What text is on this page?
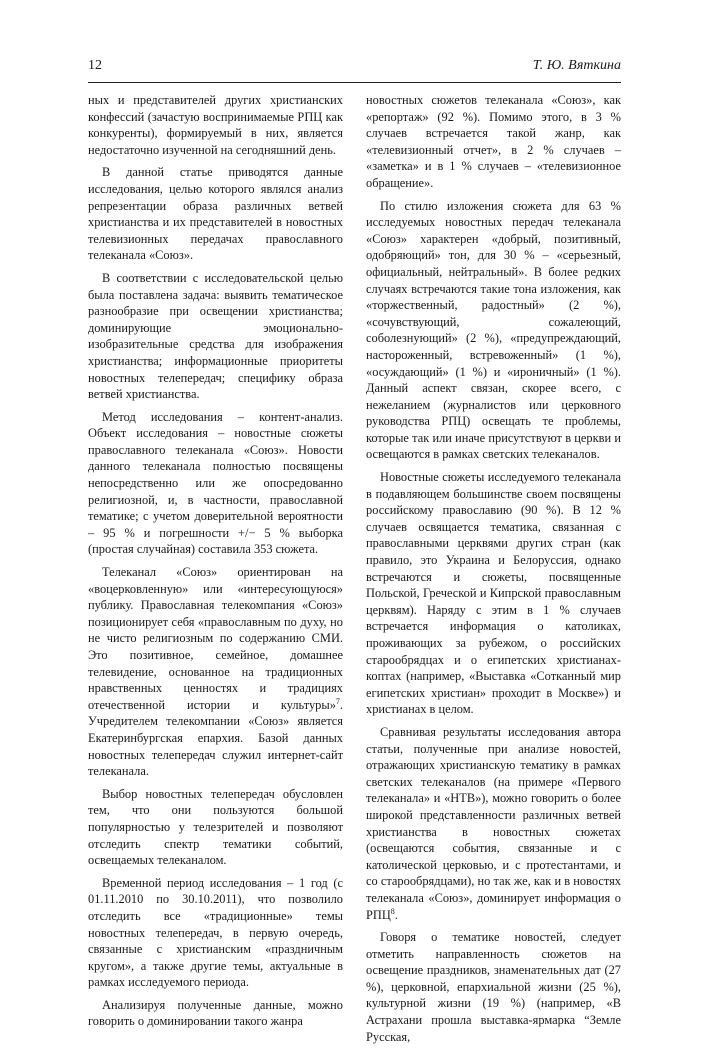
12	Т. Ю. Вяткина

ных и представителей других христианских конфессий (зачастую воспринимаемые РПЦ как конкуренты), формируемый в них, является недостаточно изученной на сегодняшний день.

В данной статье приводятся данные исследования, целью которого являлся анализ репрезентации образа различных ветвей христианства и их представителей в новостных телевизионных передачах православного телеканала «Союз».

В соответствии с исследовательской целью была поставлена задача: выявить тематическое разнообразие при освещении христианства; доминирующие эмоционально-изобразительные средства для изображения христианства; информационные приоритеты новостных телепередач; специфику образа ветвей христианства.

Метод исследования – контент-анализ. Объект исследования – новостные сюжеты православного телеканала «Союз». Новости данного телеканала полностью посвящены непосредственно или же опосредованно религиозной, и, в частности, православной тематике; с учетом доверительной вероятности – 95 % и погрешности +/− 5 % выборка (простая случайная) составила 353 сюжета.

Телеканал «Союз» ориентирован на «воцерковленную» или «интересующуюся» публику. Православная телекомпания «Союз» позиционирует себя «православным по духу, но не чисто религиозным по содержанию СМИ. Это позитивное, семейное, домашнее телевидение, основанное на традиционных нравственных ценностях и традициях отечественной истории и культуры»$^7$. Учредителем телекомпании «Союз» является Екатеринбургская епархия. Базой данных новостных телепередач служил интернет-сайт телеканала.

Выбор новостных телепередач обусловлен тем, что они пользуются большой популярностью у телезрителей и позволяют отследить спектр тематики событий, освещаемых телеканалом.

Временной период исследования – 1 год (с 01.11.2010 по 30.10.2011), что позволило отследить все «традиционные» темы новостных телепередач, в первую очередь, связанные с христианским «праздничным кругом», а также другие темы, актуальные в рамках исследуемого периода.

Анализируя полученные данные, можно говорить о доминировании такого жанра

новостных сюжетов телеканала «Союз», как «репортаж» (92 %). Помимо этого, в 3 % случаев встречается такой жанр, как «телевизионный отчет», в 2 % случаев – «заметка» и в 1 % случаев – «телевизионное обращение».

По стилю изложения сюжета для 63 % исследуемых новостных передач телеканала «Союз» характерен «добрый, позитивный, одобряющий» тон, для 30 % – «серьезный, официальный, нейтральный». В более редких случаях встречаются такие тона изложения, как «торжественный, радостный» (2 %), «сочувствующий, сожалеющий, соболезнующий» (2 %), «предупреждающий, настороженный, встревоженный» (1 %), «осуждающий» (1 %) и «ироничный» (1 %). Данный аспект связан, скорее всего, с нежеланием (журналистов или церковного руководства РПЦ) освещать те проблемы, которые так или иначе присутствуют в церкви и освещаются в рамках светских телеканалов.

Новостные сюжеты исследуемого телеканала в подавляющем большинстве своем посвящены российскому православию (90 %). В 12 % случаев освящается тематика, связанная с православными церквями других стран (как правило, это Украина и Белоруссия, однако встречаются и сюжеты, посвященные Польской, Греческой и Кипрской православным церквям). Наряду с этим в 1 % случаев встречается информация о католиках, проживающих за рубежом, о российских старообрядцах и о египетских христианах-коптах (например, «Выставка «Сотканный мир египетских христиан» проходит в Москве») и христианах в целом.

Сравнивая результаты исследования автора статьи, полученные при анализе новостей, отражающих христианскую тематику в рамках светских телеканалов (на примере «Первого телеканала» и «НТВ»), можно говорить о более широкой представленности различных ветвей христианства в новостных сюжетах (освещаются события, связанные и с католической церковью, и с протестантами, и со старообрядцами), но так же, как и в новостях телеканала «Союз», доминирует информация о РПЦ$^8$.

Говоря о тематике новостей, следует отметить направленность сюжетов на освещение праздников, знаменательных дат (27 %), церковной, епархиальной жизни (25 %), культурной жизни (19 %) (например, «В Астрахани прошла выставка-ярмарка “Земле Русская,
